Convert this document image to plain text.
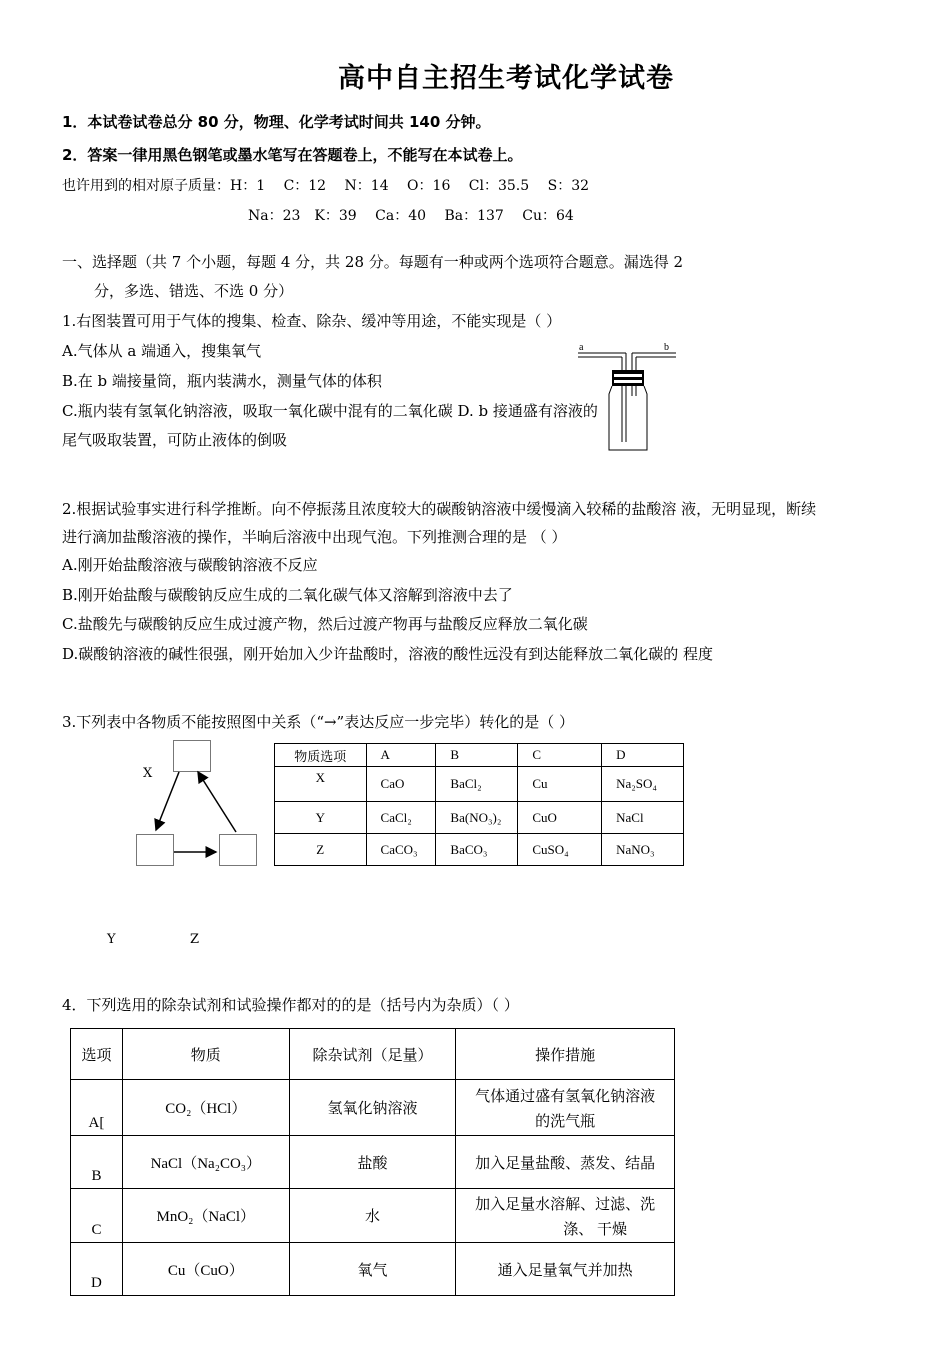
高中自主招生考试化学试卷
1．本试卷试卷总分 80 分，物理、化学考试时间共 140 分钟。
2．答案一律用黑色钢笔或墨水笔写在答题卷上，不能写在本试卷上。
也许用到的相对原子质量：H：1　 C：12　 N：14　 O：16　 Cl：35.5　 S：32
Na：23　K：39　 Ca：40　 Ba：137　 Cu：64
一、选择题（共 7 个小题，每题 4 分，共 28 分。每题有一种或两个选项符合题意。漏选得 2
分，多选、错选、不选 0 分）
1.右图装置可用于气体的搜集、检查、除杂、缓冲等用途，不能实现是（ ）
A.气体从 a 端通入，搜集氧气
B.在 b 端接量筒，瓶内装满水，测量气体的体积
C.瓶内装有氢氧化钠溶液，吸取一氧化碳中混有的二氧化碳 D. b 接通盛有溶液的
尾气吸取装置，可防止液体的倒吸
a	b
2.根据试验事实进行科学推断。向不停振荡且浓度较大的碳酸钠溶液中缓慢滴入较稀的盐酸溶 液，无明显现，断续
进行滴加盐酸溶液的操作，半晌后溶液中出现气泡。下列推测合理的是 （ ）
A.刚开始盐酸溶液与碳酸钠溶液不反应
B.刚开始盐酸与碳酸钠反应生成的二氧化碳气体又溶解到溶液中去了
C.盐酸先与碳酸钠反应生成过渡产物，然后过渡产物再与盐酸反应释放二氧化碳
D.碳酸钠溶液的碱性很强，刚开始加入少许盐酸时，溶液的酸性远没有到达能释放二氧化碳的 程度
3.下列表中各物质不能按照图中关系（“→”表达反应一步完毕）转化的是（ ）
X
Y	Z
物质选项	A	B	C	D
X	CaO	BaCl₂	Cu	Na₂SO₄
Y	CaCl₂	Ba(NO₃)₂	CuO	NaCl
Z	CaCO₃	BaCO₃	CuSO₄	NaNO₃
4．下列选用的除杂试剂和试验操作都对的的是（括号内为杂质）（ ）
选项	物质	除杂试剂（足量）	操作措施
A[	CO₂（HCl）	氢氧化钠溶液	气体通过盛有氢氧化钠溶液
的洗气瓶

B	NaCl（Na₂CO₃）	盐酸	加入足量盐酸、蒸发、结晶
C	MnO₂（NaCl）	水	加入足量水溶解、过滤、洗
涤、 干燥

D	Cu（CuO）	氧气	通入足量氧气并加热
